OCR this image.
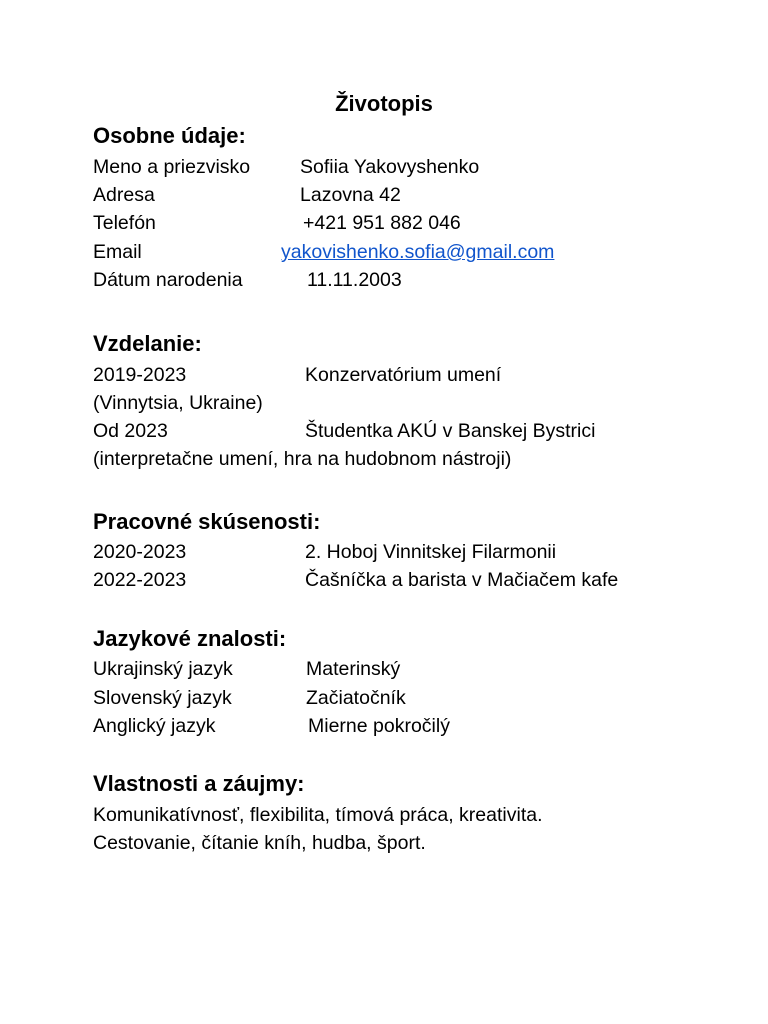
Životopis
Osobne údaje:
Meno a priezvisko	Sofiia Yakovyshenko
Adresa	Lazovna 42
Telefón	+421 951 882 046
Email	yakovishenko.sofia@gmail.com
Dátum narodenia	11.11.2003
Vzdelanie:
2019-2023	Konzervatórium umení
(Vinnytsia, Ukraine)
Od 2023	Študentka AKÚ v Banskej Bystrici
(interpretačne umení, hra na hudobnom nástroji)
Pracovné skúsenosti:
2020-2023	2. Hoboj Vinnitskej Filarmonii
2022-2023	Čašníčka a barista v Mačiačem kafe
Jazykové znalosti:
Ukrajinský jazyk	Materinský
Slovenský jazyk	Začiatočník
Anglický jazyk	Mierne pokročilý
Vlastnosti a záujmy:
Komunikatívnosť, flexibilita, tímová práca, kreativita.
Cestovanie, čítanie kníh, hudba, šport.
